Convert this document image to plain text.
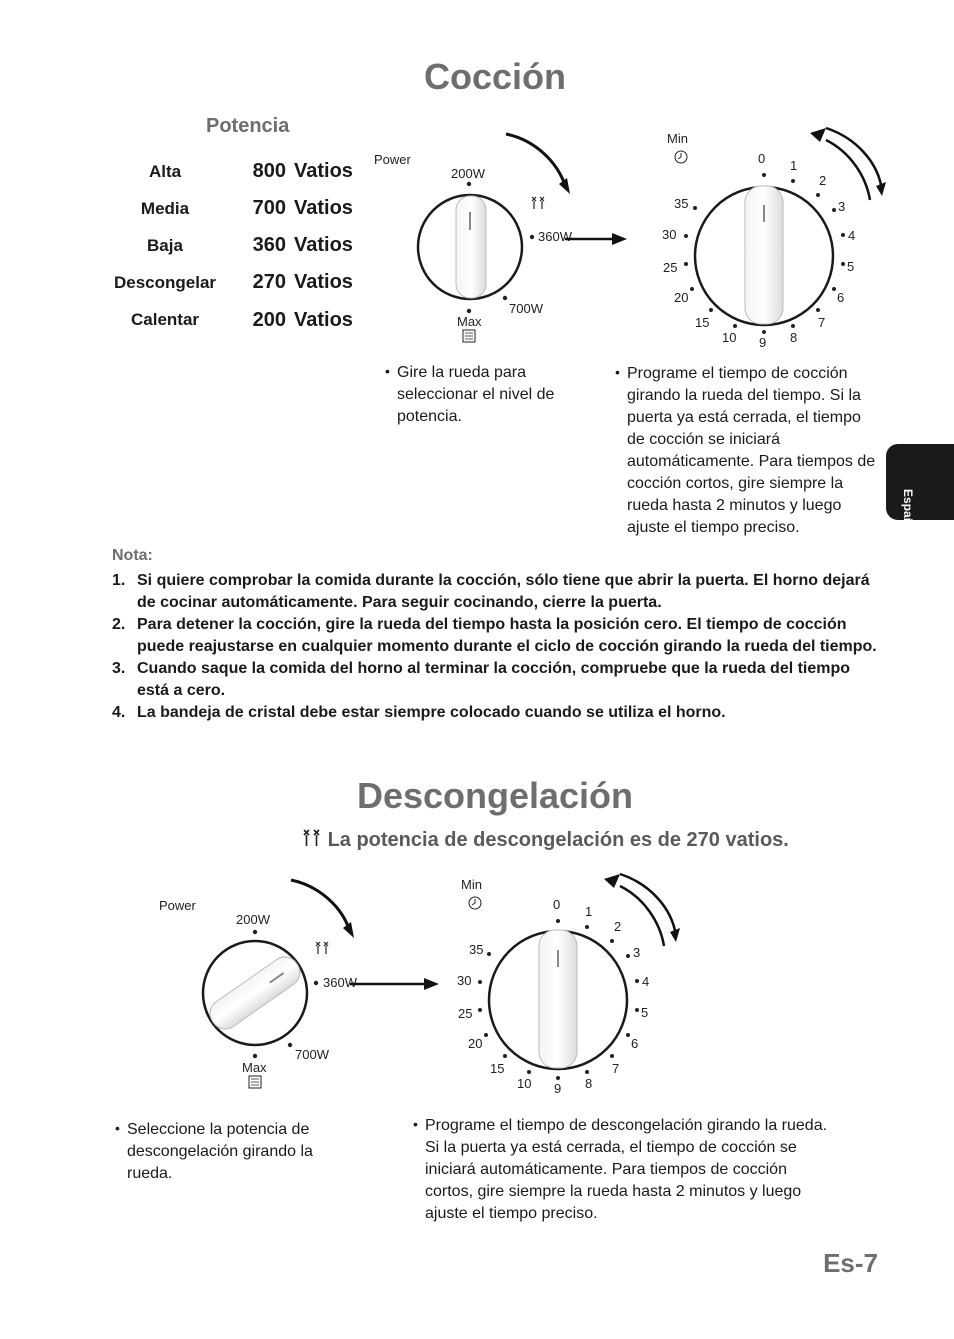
Cocción
Potencia
Alta	800 Vatios
Media	700 Vatios
Baja	360 Vatios
Descongelar	270 Vatios
Calentar	200 Vatios
Power
200W
360W
700W
Max
Min
0 1
2
3
4
5
6
7
8
9
10
15
20
25
30
35
• Gire la rueda para seleccionar el nivel de potencia.
• Programe el tiempo de cocción girando la rueda del tiempo. Si la puerta ya está cerrada, el tiempo de cocción se iniciará automáticamente. Para tiempos de cocción cortos, gire siempre la rueda hasta 2 minutos y luego ajuste el tiempo preciso.	Español
Nota:
1. Si quiere comprobar la comida durante la cocción, sólo tiene que abrir la puerta. El horno dejará de cocinar automáticamente. Para seguir cocinando, cierre la puerta.
2. Para detener la cocción, gire la rueda del tiempo hasta la posición cero. El tiempo de cocción puede reajustarse en cualquier momento durante el ciclo de cocción girando la rueda del tiempo.
3. Cuando saque la comida del horno al terminar la cocción, compruebe que la rueda del tiempo está a cero.
4. La bandeja de cristal debe estar siempre colocado cuando se utiliza el horno.
Descongelación
La potencia de descongelación es de 270 vatios.
Power
200W
360W
700W
Max
Min
0 1
2
3
4
5
6
7
8
9
10
15
20
25
30
35
• Seleccione la potencia de descongelación girando la rueda.
• Programe el tiempo de descongelación girando la rueda. Si la puerta ya está cerrada, el tiempo de cocción se iniciará automáticamente. Para tiempos de cocción cortos, gire siempre la rueda hasta 2 minutos y luego ajuste el tiempo preciso.
Es-7
